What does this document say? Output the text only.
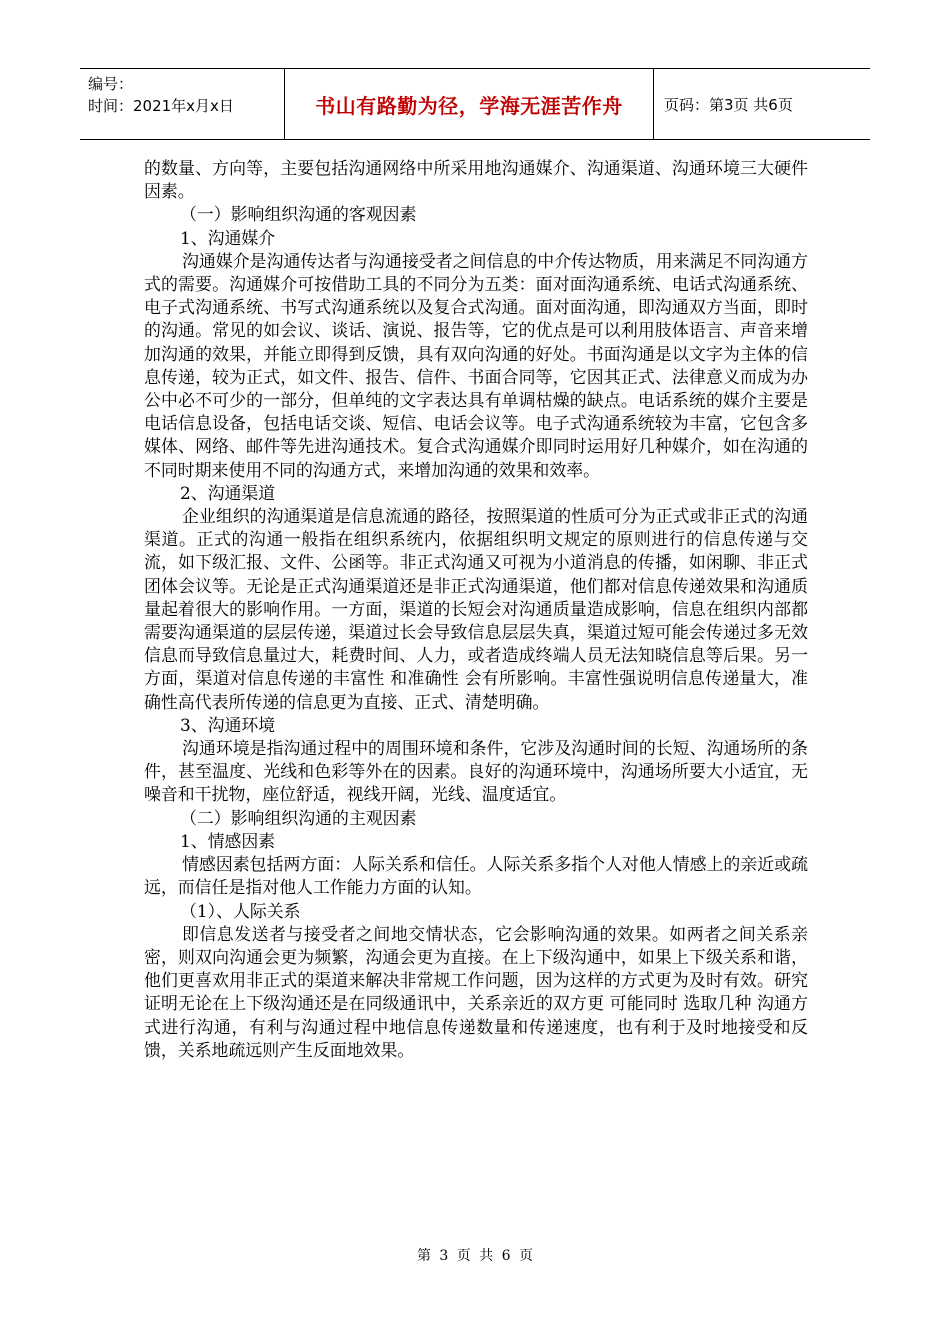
编号：
时间：2021年x月x日	书山有路勤为径，学海无涯苦作舟	页码：第3页 共6页

的数量、方向等，主要包括沟通网络中所采用地沟通媒介、沟通渠道、沟通环境三大硬件因素。

（一）影响组织沟通的客观因素

1、沟通媒介

沟通媒介是沟通传达者与沟通接受者之间信息的中介传达物质，用来满足不同沟通方式的需要。沟通媒介可按借助工具的不同分为五类：面对面沟通系统、电话式沟通系统、电子式沟通系统、书写式沟通系统以及复合式沟通。面对面沟通，即沟通双方当面，即时的沟通。常见的如会议、谈话、演说、报告等，它的优点是可以利用肢体语言、声音来增加沟通的效果，并能立即得到反馈，具有双向沟通的好处。书面沟通是以文字为主体的信息传递，较为正式，如文件、报告、信件、书面合同等，它因其正式、法律意义而成为办公中必不可少的一部分，但单纯的文字表达具有单调枯燥的缺点。电话系统的媒介主要是电话信息设备，包括电话交谈、短信、电话会议等。电子式沟通系统较为丰富，它包含多媒体、网络、邮件等先进沟通技术。复合式沟通媒介即同时运用好几种媒介，如在沟通的不同时期来使用不同的沟通方式，来增加沟通的效果和效率。

2、沟通渠道

企业组织的沟通渠道是信息流通的路径，按照渠道的性质可分为正式或非正式的沟通渠道。正式的沟通一般指在组织系统内，依据组织明文规定的原则进行的信息传递与交流，如下级汇报、文件、公函等。非正式沟通又可视为小道消息的传播，如闲聊、非正式团体会议等。无论是正式沟通渠道还是非正式沟通渠道，他们都对信息传递效果和沟通质量起着很大的影响作用。一方面，渠道的长短会对沟通质量造成影响，信息在组织内部都需要沟通渠道的层层传递，渠道过长会导致信息层层失真，渠道过短可能会传递过多无效信息而导致信息量过大，耗费时间、人力，或者造成终端人员无法知晓信息等后果。另一方面，渠道对信息传递的丰富性 和准确性 会有所影响。丰富性强说明信息传递量大，准确性高代表所传递的信息更为直接、正式、清楚明确。

3、沟通环境

沟通环境是指沟通过程中的周围环境和条件，它涉及沟通时间的长短、沟通场所的条件，甚至温度、光线和色彩等外在的因素。良好的沟通环境中，沟通场所要大小适宜，无噪音和干扰物，座位舒适，视线开阔，光线、温度适宜。

（二）影响组织沟通的主观因素

1、情感因素

情感因素包括两方面：人际关系和信任。人际关系多指个人对他人情感上的亲近或疏远，而信任是指对他人工作能力方面的认知。

（1）、人际关系

即信息发送者与接受者之间地交情状态，它会影响沟通的效果。如两者之间关系亲密，则双向沟通会更为频繁，沟通会更为直接。在上下级沟通中，如果上下级关系和谐，他们更喜欢用非正式的渠道来解决非常规工作问题，因为这样的方式更为及时有效。研究证明无论在上下级沟通还是在同级通讯中，关系亲近的双方更 可能同时 选取几种 沟通方式进行沟通，有利与沟通过程中地信息传递数量和传递速度，也有利于及时地接受和反馈，关系地疏远则产生反面地效果。

第 3 页 共 6 页
